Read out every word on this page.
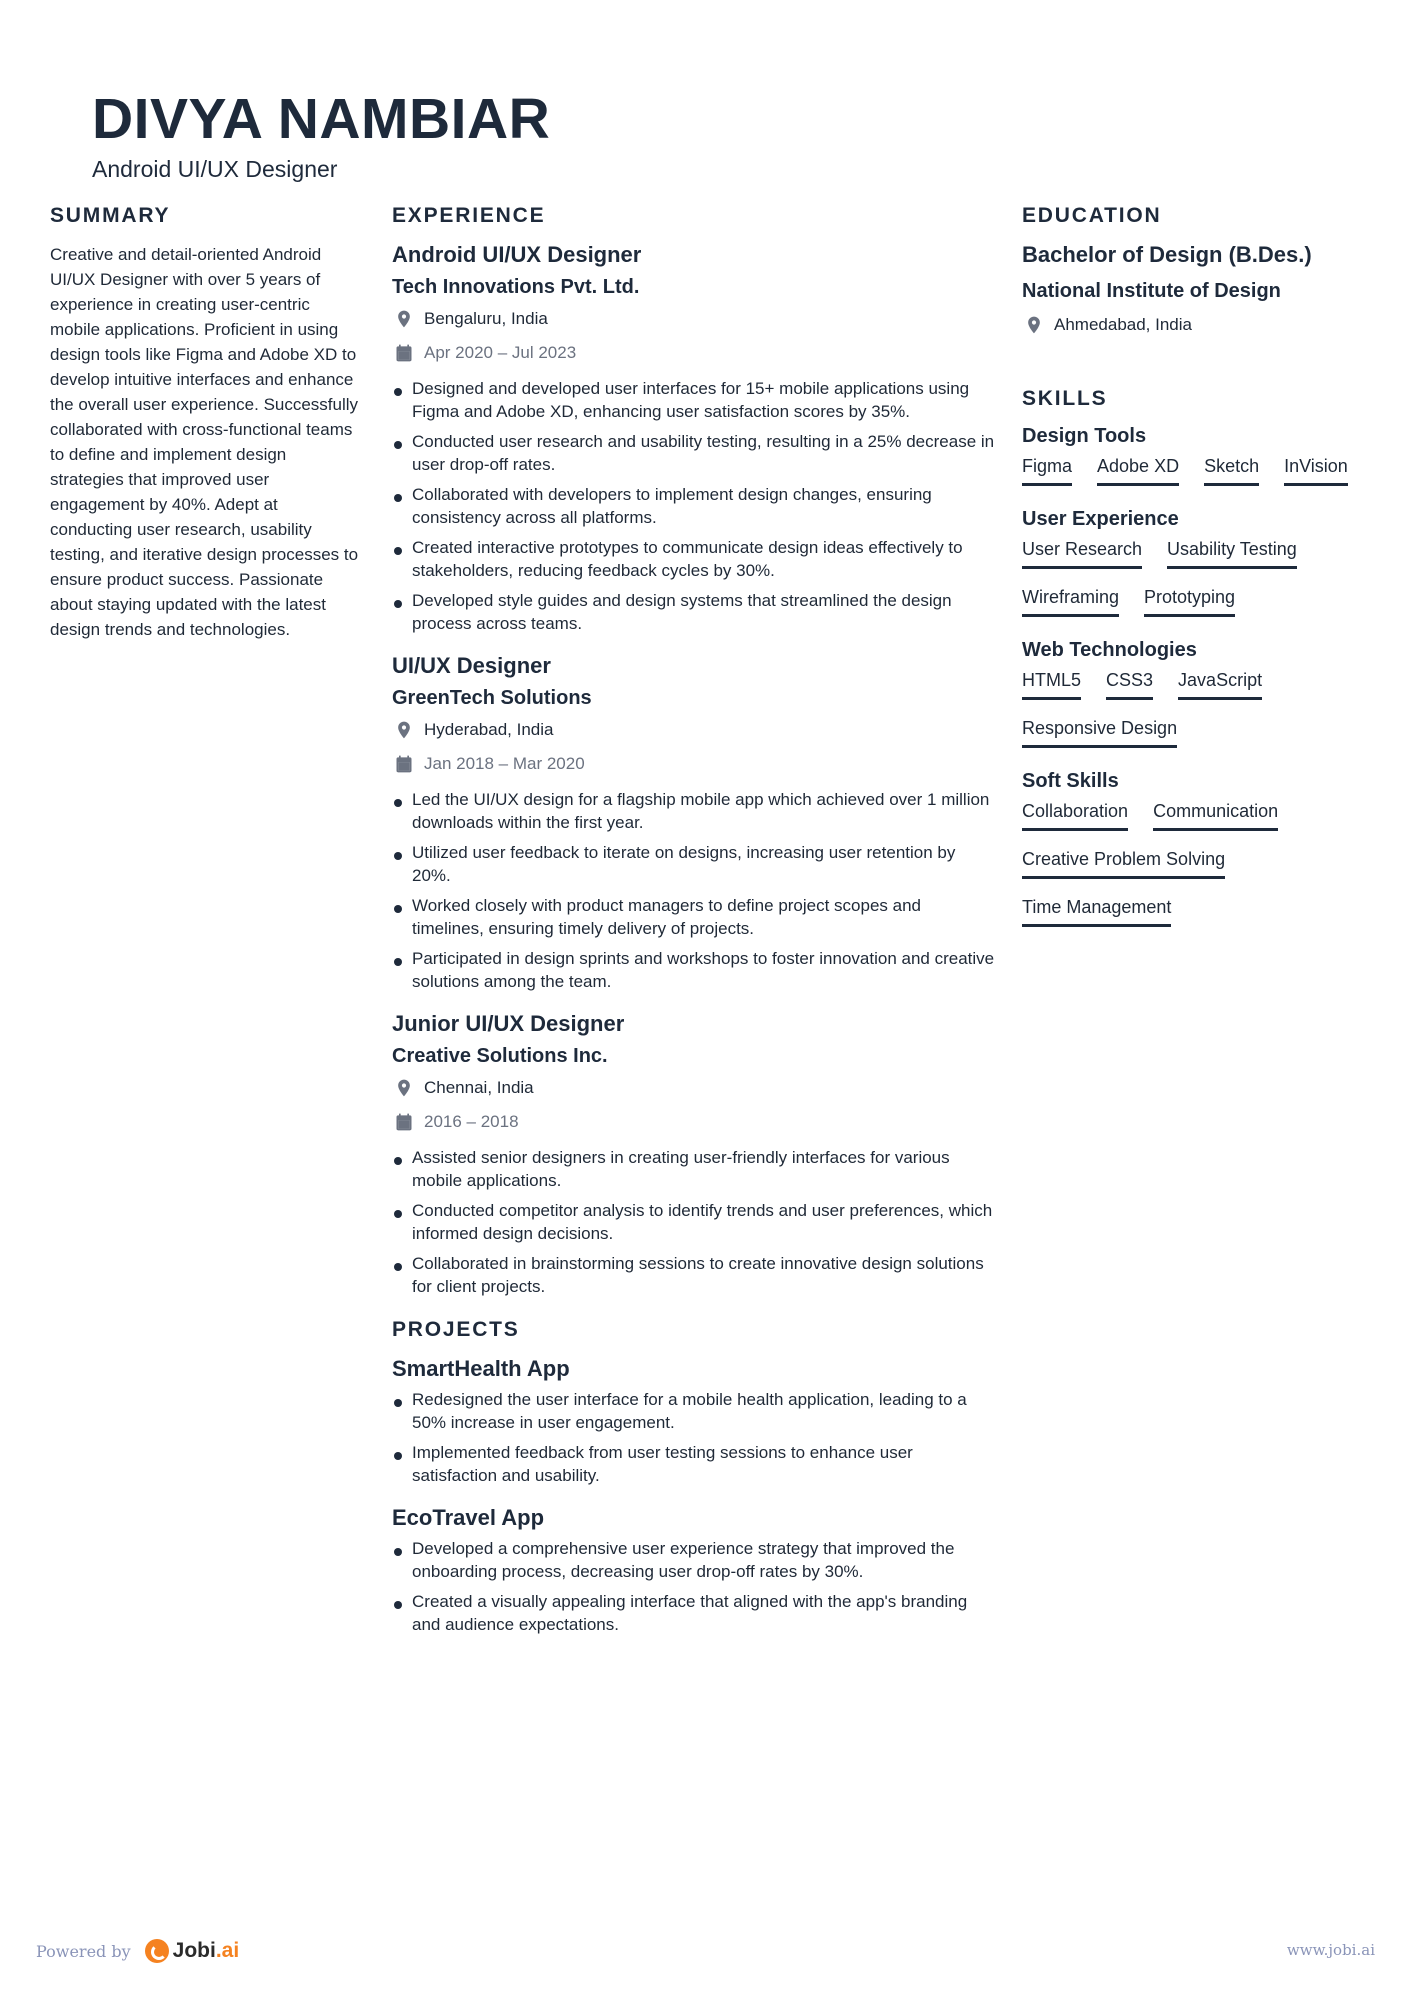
DIVYA NAMBIAR
Android UI/UX Designer
SUMMARY
Creative and detail-oriented Android UI/UX Designer with over 5 years of experience in creating user-centric mobile applications. Proficient in using design tools like Figma and Adobe XD to develop intuitive interfaces and enhance the overall user experience. Successfully collaborated with cross-functional teams to define and implement design strategies that improved user engagement by 40%. Adept at conducting user research, usability testing, and iterative design processes to ensure product success. Passionate about staying updated with the latest design trends and technologies.
EXPERIENCE
Android UI/UX Designer
Tech Innovations Pvt. Ltd.
Bengaluru, India
Apr 2020 – Jul 2023
Designed and developed user interfaces for 15+ mobile applications using Figma and Adobe XD, enhancing user satisfaction scores by 35%.
Conducted user research and usability testing, resulting in a 25% decrease in user drop-off rates.
Collaborated with developers to implement design changes, ensuring consistency across all platforms.
Created interactive prototypes to communicate design ideas effectively to stakeholders, reducing feedback cycles by 30%.
Developed style guides and design systems that streamlined the design process across teams.
UI/UX Designer
GreenTech Solutions
Hyderabad, India
Jan 2018 – Mar 2020
Led the UI/UX design for a flagship mobile app which achieved over 1 million downloads within the first year.
Utilized user feedback to iterate on designs, increasing user retention by 20%.
Worked closely with product managers to define project scopes and timelines, ensuring timely delivery of projects.
Participated in design sprints and workshops to foster innovation and creative solutions among the team.
Junior UI/UX Designer
Creative Solutions Inc.
Chennai, India
2016 – 2018
Assisted senior designers in creating user-friendly interfaces for various mobile applications.
Conducted competitor analysis to identify trends and user preferences, which informed design decisions.
Collaborated in brainstorming sessions to create innovative design solutions for client projects.
PROJECTS
SmartHealth App
Redesigned the user interface for a mobile health application, leading to a 50% increase in user engagement.
Implemented feedback from user testing sessions to enhance user satisfaction and usability.
EcoTravel App
Developed a comprehensive user experience strategy that improved the onboarding process, decreasing user drop-off rates by 30%.
Created a visually appealing interface that aligned with the app's branding and audience expectations.
EDUCATION
Bachelor of Design (B.Des.)
National Institute of Design
Ahmedabad, India
SKILLS
Design Tools
Figma Adobe XD Sketch InVision
User Experience
User Research Usability Testing
Wireframing Prototyping
Web Technologies
HTML5 CSS3 JavaScript
Responsive Design
Soft Skills
Collaboration Communication
Creative Problem Solving
Time Management
Powered by Jobi.ai	www.jobi.ai
